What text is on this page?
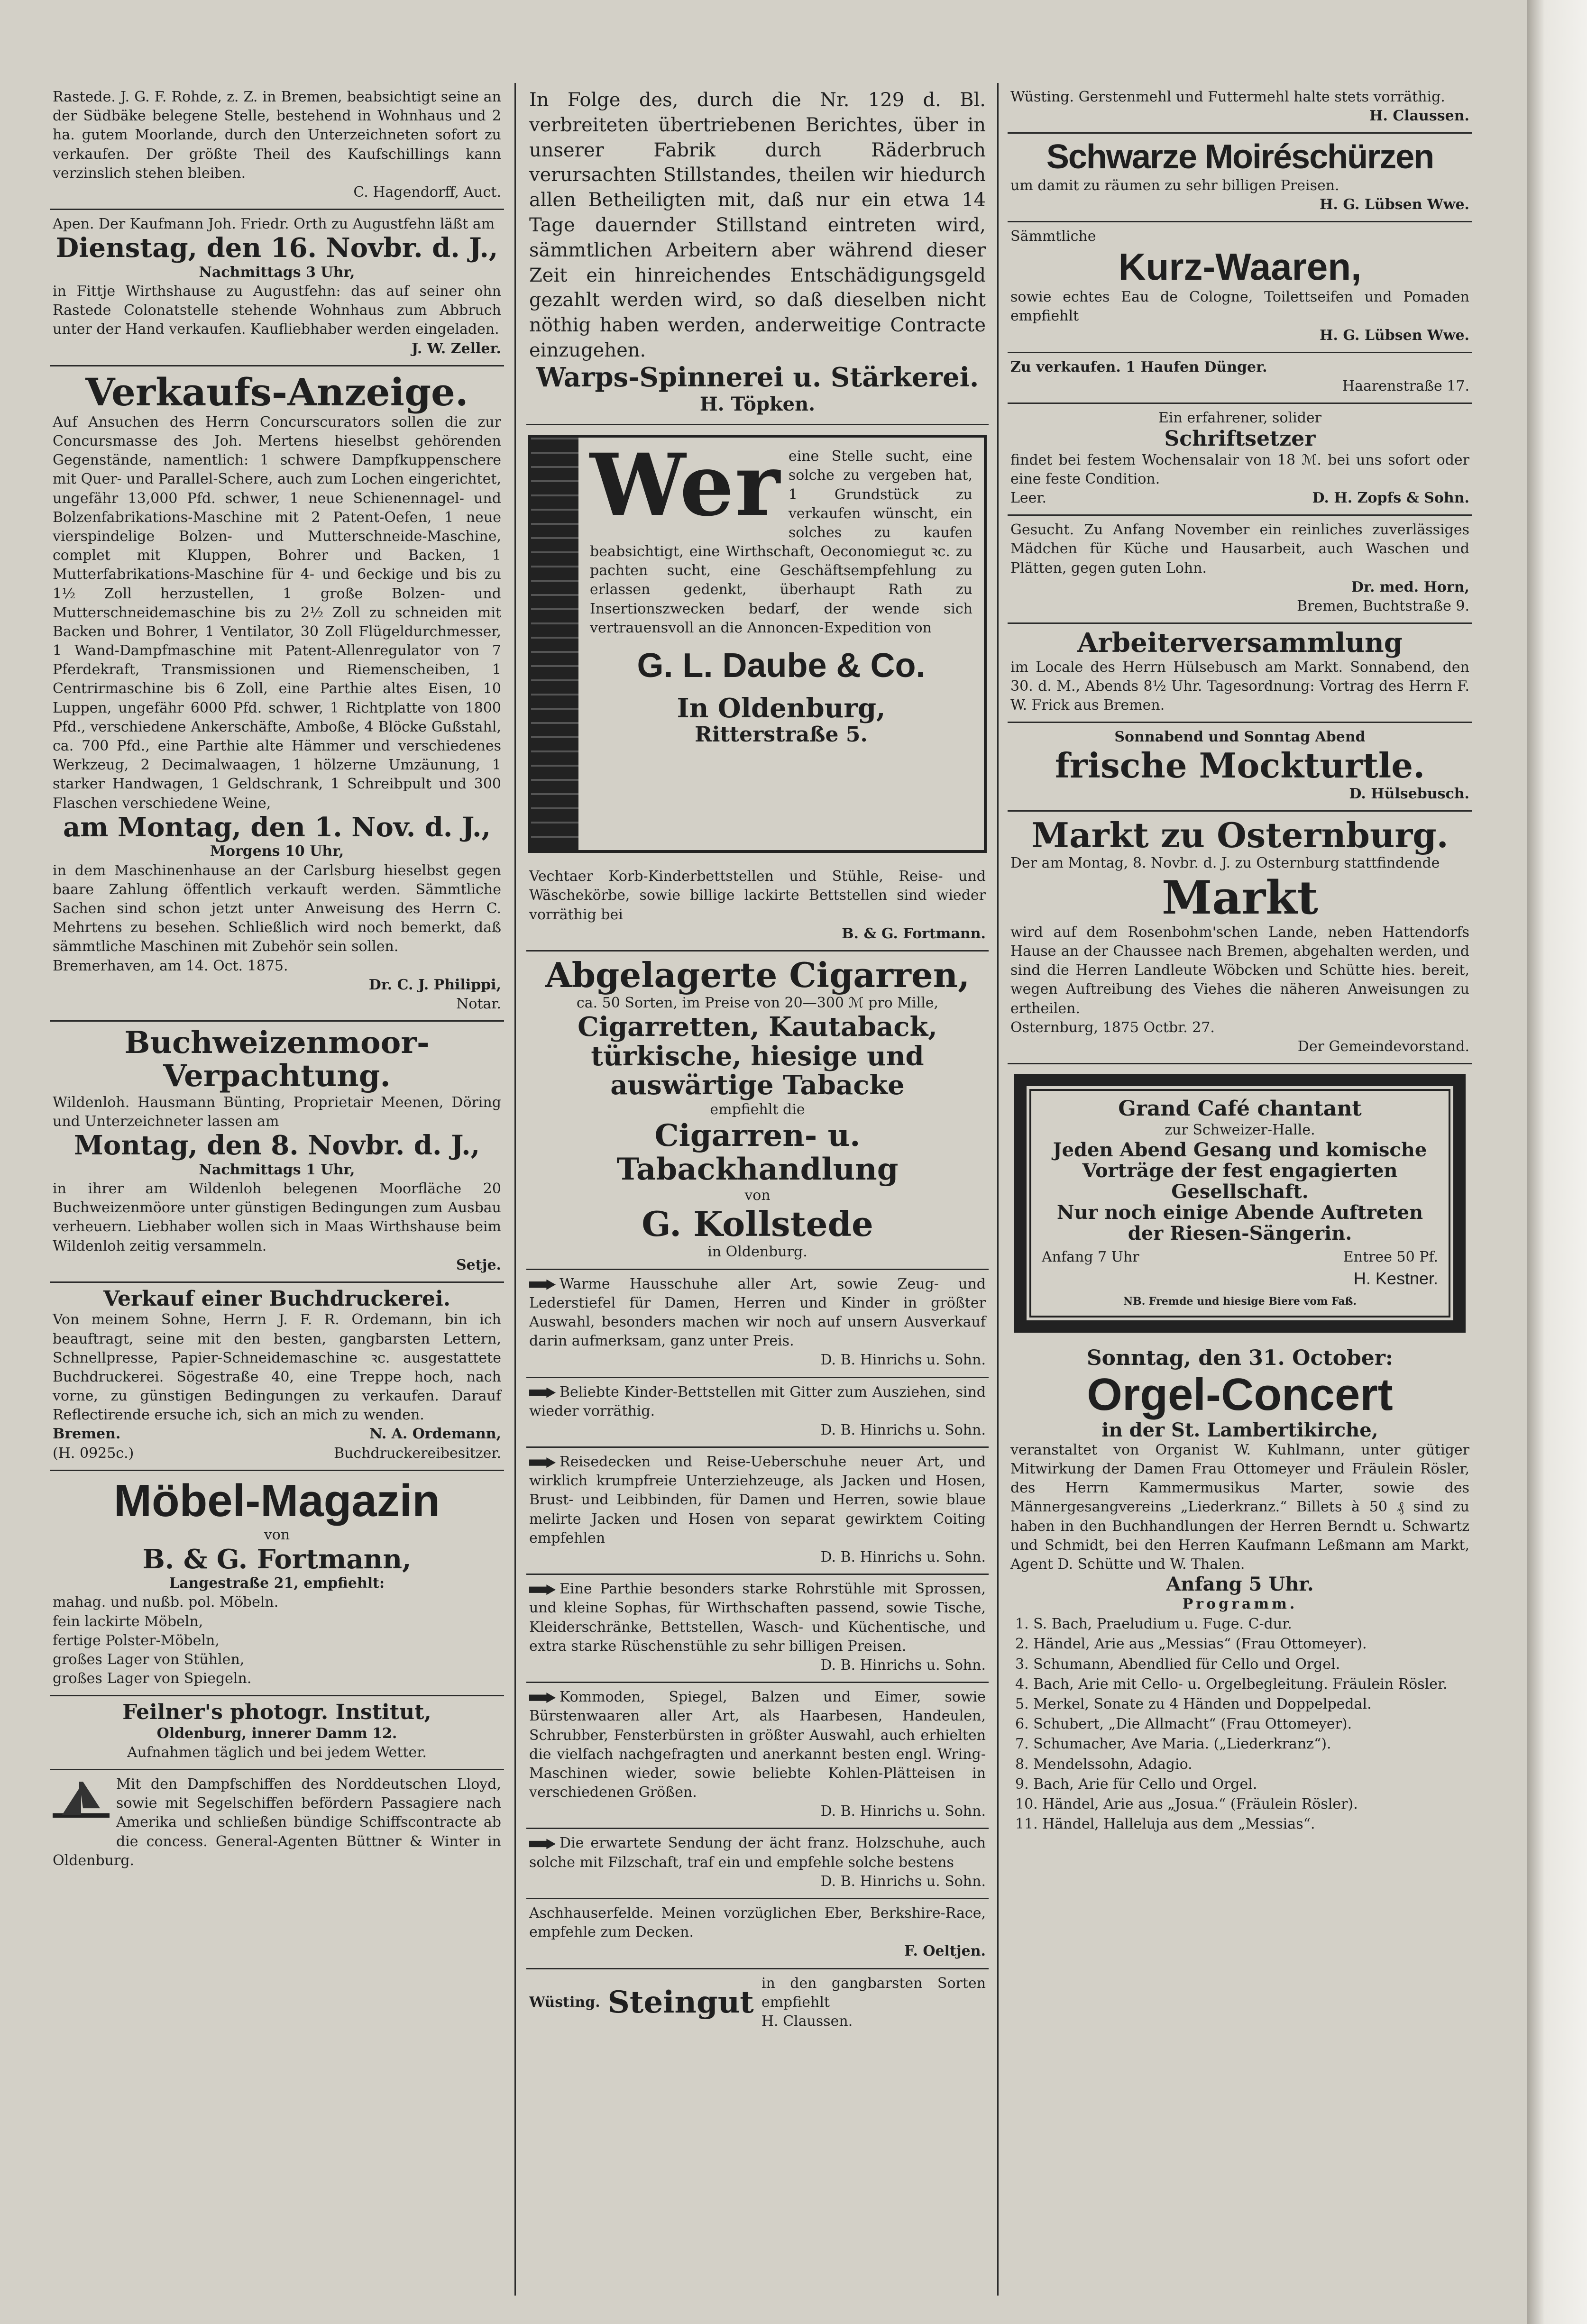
Rastede. J. G. F. Rohde, z. Z. in Bremen, beabsichtigt seine an der Südbäke belegene Stelle, bestehend in Wohnhaus und 2 ha. gutem Moorlande, durch den Unterzeichneten sofort zu verkaufen. Der größte Theil des Kaufschillings kann verzinslich stehen bleiben.
C. Hagendorff, Auct.
Apen. Der Kaufmann Joh. Friedr. Orth zu Augustfehn läßt am
Dienstag, den 16. Novbr. d. J.,
Nachmittags 3 Uhr,
in Fittje Wirthshause zu Augustfehn: das auf seiner ohn Rastede Colonatstelle stehende Wohnhaus zum Abbruch unter der Hand verkaufen. Kaufliebhaber werden eingeladen.
J. W. Zeller.
Verkaufs-Anzeige.
Auf Ansuchen des Herrn Concurscurators sollen die zur Concursmasse des Joh. Mertens hieselbst gehörenden Gegenstände, namentlich: 1 schwere Dampfkuppenschere mit Quer- und Parallel-Schere, auch zum Lochen eingerichtet, ungefähr 13,000 Pfd. schwer, 1 neue Schienennagel- und Bolzenfabrikations-Maschine mit 2 Patent-Oefen, 1 neue vierspindelige Bolzen- und Mutterschneide-Maschine, complet mit Kluppen, Bohrer und Backen, 1 Mutterfabrikations-Maschine für 4- und 6eckige und bis zu 1½ Zoll herzustellen, 1 große Bolzen- und Mutterschneidemaschine bis zu 2½ Zoll zu schneiden mit Backen und Bohrer, 1 Ventilator, 30 Zoll Flügeldurchmesser, 1 Wand-Dampfmaschine mit Patent-Allenregulator von 7 Pferdekraft, Transmissionen und Riemenscheiben, 1 Centrirmaschine bis 6 Zoll, eine Parthie altes Eisen, 10 Luppen, ungefähr 6000 Pfd. schwer, 1 Richtplatte von 1800 Pfd., verschiedene Ankerschäfte, Amboße, 4 Blöcke Gußstahl, ca. 700 Pfd., eine Parthie alte Hämmer und verschiedenes Werkzeug, 2 Decimalwaagen, 1 hölzerne Umzäunung, 1 starker Handwagen, 1 Geldschrank, 1 Schreibpult und 300 Flaschen verschiedene Weine,
am Montag, den 1. Nov. d. J.,
Morgens 10 Uhr,
in dem Maschinenhause an der Carlsburg hieselbst gegen baare Zahlung öffentlich verkauft werden. Sämmtliche Sachen sind schon jetzt unter Anweisung des Herrn C. Mehrtens zu besehen. Schließlich wird noch bemerkt, daß sämmtliche Maschinen mit Zubehör sein sollen.
Bremerhaven, am 14. Oct. 1875.
Dr. C. J. Philippi,
Notar.
Buchweizenmoor-Verpachtung.
Wildenloh. Hausmann Bünting, Proprietair Meenen, Döring und Unterzeichneter lassen am
Montag, den 8. Novbr. d. J.,
Nachmittags 1 Uhr,
in ihrer am Wildenloh belegenen Moorfläche 20 Buchweizenmöore unter günstigen Bedingungen zum Ausbau verheuern. Liebhaber wollen sich in Maas Wirthshause beim Wildenloh zeitig versammeln.
Setje.
Verkauf einer Buchdruckerei.
Von meinem Sohne, Herrn J. F. R. Ordemann, bin ich beauftragt, seine mit den besten, gangbarsten Lettern, Schnellpresse, Papier-Schneidemaschine ꝛc. ausgestattete Buchdruckerei. Sögestraße 40, eine Treppe hoch, nach vorne, zu günstigen Bedingungen zu verkaufen. Darauf Reflectirende ersuche ich, sich an mich zu wenden.
Bremen.	N. A. Ordemann,
(H. 0925c.)	Buchdruckereibesitzer.
Möbel-Magazin
von
B. & G. Fortmann,
Langestraße 21, empfiehlt:
mahag. und nußb. pol. Möbeln.
fein lackirte Möbeln,
fertige Polster-Möbeln,
großes Lager von Stühlen,
großes Lager von Spiegeln.
Feilner's photogr. Institut,
Oldenburg, innerer Damm 12.
Aufnahmen täglich und bei jedem Wetter.
Mit den Dampfschiffen des Norddeutschen Lloyd, sowie mit Segelschiffen befördern Passagiere nach Amerika und schließen bündige Schiffscontracte ab die concess. General-Agenten Büttner & Winter in Oldenburg.
In Folge des, durch die Nr. 129 d. Bl. verbreiteten übertriebenen Berichtes, über in unserer Fabrik durch Räderbruch verursachten Stillstandes, theilen wir hiedurch allen Betheiligten mit, daß nur ein etwa 14 Tage dauernder Stillstand eintreten wird, sämmtlichen Arbeitern aber während dieser Zeit ein hinreichendes Entschädigungsgeld gezahlt werden wird, so daß dieselben nicht nöthig haben werden, anderweitige Contracte einzugehen.
Warps-Spinnerei u. Stärkerei.
H. Töpken.
Wer eine Stelle sucht, eine solche zu vergeben hat, 1 Grundstück zu verkaufen wünscht, ein solches zu kaufen beabsichtigt, eine Wirthschaft, Oeconomiegut ꝛc. zu pachten sucht, eine Geschäftsempfehlung zu erlassen gedenkt, überhaupt Rath zu Insertionszwecken bedarf, der wende sich vertrauensvoll an die Annoncen-Expedition von
G. L. Daube & Co.
In Oldenburg,
Ritterstraße 5.
Vechtaer Korb-Kinderbettstellen und Stühle, Reise- und Wäschekörbe, sowie billige lackirte Bettstellen sind wieder vorräthig bei
B. & G. Fortmann.
Abgelagerte Cigarren,
ca. 50 Sorten, im Preise von 20—300 ℳ pro Mille,
Cigarretten, Kautaback, türkische, hiesige und auswärtige Tabacke
empfiehlt die
Cigarren- u. Tabackhandlung
von
G. Kollstede
in Oldenburg.
Warme Hausschuhe aller Art, sowie Zeug- und Lederstiefel für Damen, Herren und Kinder in größter Auswahl, besonders machen wir noch auf unsern Ausverkauf darin aufmerksam, ganz unter Preis.
D. B. Hinrichs u. Sohn.
Beliebte Kinder-Bettstellen mit Gitter zum Ausziehen, sind wieder vorräthig.
D. B. Hinrichs u. Sohn.
Reisedecken und Reise-Ueberschuhe neuer Art, und wirklich krumpfreie Unterziehzeuge, als Jacken und Hosen, Brust- und Leibbinden, für Damen und Herren, sowie blaue melirte Jacken und Hosen von separat gewirktem Coiting empfehlen
D. B. Hinrichs u. Sohn.
Eine Parthie besonders starke Rohrstühle mit Sprossen, und kleine Sophas, für Wirthschaften passend, sowie Tische, Kleiderschränke, Bettstellen, Wasch- und Küchentische, und extra starke Rüschenstühle zu sehr billigen Preisen.
D. B. Hinrichs u. Sohn.
Kommoden, Spiegel, Balzen und Eimer, sowie Bürstenwaaren aller Art, als Haarbesen, Handeulen, Schrubber, Fensterbürsten in größter Auswahl, auch erhielten die vielfach nachgefragten und anerkannt besten engl. Wring-Maschinen wieder, sowie beliebte Kohlen-Plätteisen in verschiedenen Größen.
D. B. Hinrichs u. Sohn.
Die erwartete Sendung der ächt franz. Holzschuhe, auch solche mit Filzschaft, traf ein und empfehle solche bestens
D. B. Hinrichs u. Sohn.
Aschhauserfelde. Meinen vorzüglichen Eber, Berkshire-Race, empfehle zum Decken.
F. Oeltjen.
Wüsting. Steingut
in den gangbarsten Sorten empfiehlt
H. Claussen.
Wüsting. Gerstenmehl und Futtermehl halte stets vorräthig.
H. Claussen.
Schwarze Moiréschürzen
um damit zu räumen zu sehr billigen Preisen.
H. G. Lübsen Wwe.
Sämmtliche
Kurz-Waaren,
sowie echtes Eau de Cologne, Toilettseifen und Pomaden empfiehlt
H. G. Lübsen Wwe.
Zu verkaufen. 1 Haufen Dünger.
Haarenstraße 17.
Ein erfahrener, solider
Schriftsetzer
findet bei festem Wochensalair von 18 ℳ. bei uns sofort oder eine feste Condition.
Leer.	D. H. Zopfs & Sohn.
Gesucht. Zu Anfang November ein reinliches zuverlässiges Mädchen für Küche und Hausarbeit, auch Waschen und Plätten, gegen guten Lohn.
Dr. med. Horn,
Bremen, Buchtstraße 9.
Arbeiterversammlung
im Locale des Herrn Hülsebusch am Markt. Sonnabend, den 30. d. M., Abends 8½ Uhr. Tagesordnung: Vortrag des Herrn F. W. Frick aus Bremen.
Sonnabend und Sonntag Abend
frische Mockturtle.
D. Hülsebusch.
Markt zu Osternburg.
Der am Montag, 8. Novbr. d. J. zu Osternburg stattfindende
Markt
wird auf dem Rosenbohm'schen Lande, neben Hattendorfs Hause an der Chaussee nach Bremen, abgehalten werden, und sind die Herren Landleute Wöbcken und Schütte hies. bereit, wegen Auftreibung des Viehes die näheren Anweisungen zu ertheilen.
Osternburg, 1875 Octbr. 27.
Der Gemeindevorstand.
Grand Café chantant
zur Schweizer-Halle.
Jeden Abend Gesang und komische Vorträge der fest engagierten Gesellschaft.
Nur noch einige Abende Auftreten der Riesen-Sängerin.
Anfang 7 Uhr	Entree 50 Pf.
H. Kestner.
NB. Fremde und hiesige Biere vom Faß.
Sonntag, den 31. October:
Orgel-Concert
in der St. Lambertikirche,
veranstaltet von Organist W. Kuhlmann, unter gütiger Mitwirkung der Damen Frau Ottomeyer und Fräulein Rösler, des Herrn Kammermusikus Marter, sowie des Männergesangvereins „Liederkranz.“ Billets à 50 ₰ sind zu haben in den Buchhandlungen der Herren Berndt u. Schwartz und Schmidt, bei den Herren Kaufmann Leßmann am Markt, Agent D. Schütte und W. Thalen.
Anfang 5 Uhr.
Programm.
1. S. Bach, Praeludium u. Fuge. C-dur.
2. Händel, Arie aus „Messias“ (Frau Ottomeyer).
3. Schumann, Abendlied für Cello und Orgel.
4. Bach, Arie mit Cello- u. Orgelbegleitung. Fräulein Rösler.
5. Merkel, Sonate zu 4 Händen und Doppelpedal.
6. Schubert, „Die Allmacht“ (Frau Ottomeyer).
7. Schumacher, Ave Maria. („Liederkranz“).
8. Mendelssohn, Adagio.
9. Bach, Arie für Cello und Orgel.
10. Händel, Arie aus „Josua.“ (Fräulein Rösler).
11. Händel, Halleluja aus dem „Messias“.
